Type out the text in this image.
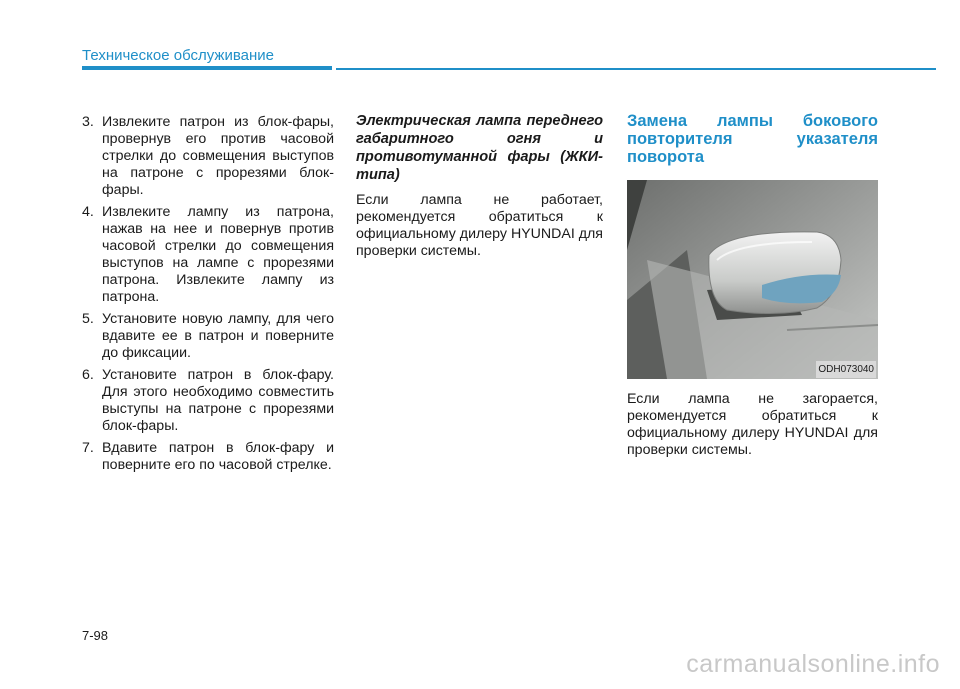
Техническое обслуживание
3. Извлеките патрон из блок-фары, провернув его против часовой стрелки до совмещения выступов на патроне с прорезями блок-фары.
4. Извлеките лампу из патрона, нажав на нее и повернув против часовой стрелки до совмещения выступов на лампе с прорезями патрона. Извлеките лампу из патрона.
5. Установите новую лампу, для чего вдавите ее в патрон и поверните до фиксации.
6. Установите патрон в блок-фару. Для этого необходимо совместить выступы на патроне с прорезями блок-фары.
7. Вдавите патрон в блок-фару и поверните его по часовой стрелке.
Электрическая лампа переднего габаритного огня и противотуманной фары (ЖКИ-типа)

Если лампа не работает, рекомендуется обратиться к официальному дилеру HYUNDAI для проверки системы.

Замена лампы бокового повторителя указателя поворота
ODH073040

Если лампа не загорается, рекомендуется обратиться к официальному дилеру HYUNDAI для проверки системы.

7-98
carmanualsonline.info
